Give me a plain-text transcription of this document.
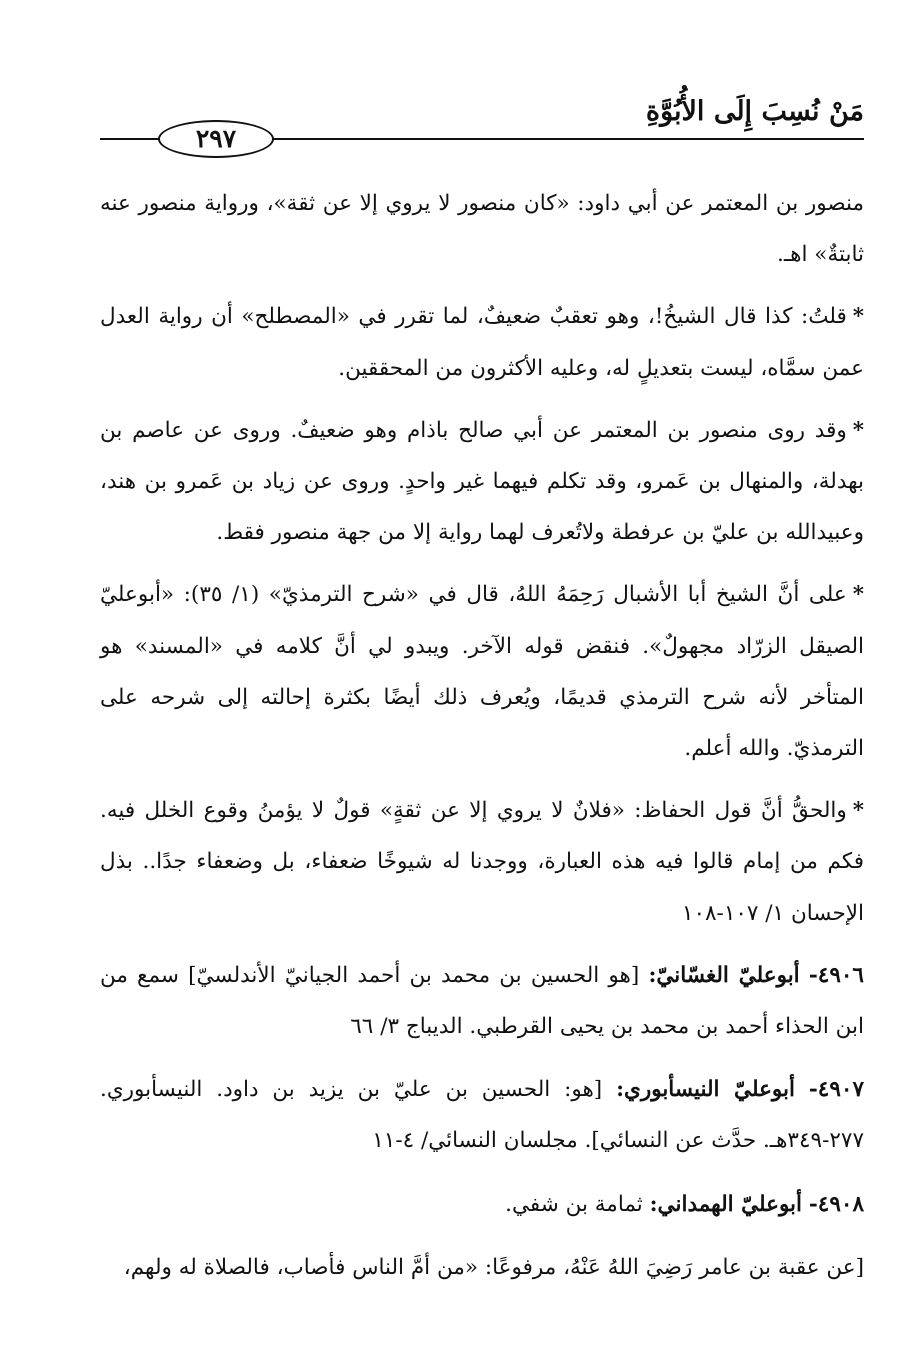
مَنْ نُسِبَ إِلَى الأُبُوَّةِ
٢٩٧

منصور بن المعتمر عن أبي داود: «كان منصور لا يروي إلا عن ثقة»، ورواية منصور عنه ثابتةٌ» اهـ.

*قلتُ: كذا قال الشيخُ!، وهو تعقبٌ ضعيفٌ، لما تقرر في «المصطلح» أن رواية العدل عمن سمَّاه، ليست بتعديلٍ له، وعليه الأكثرون من المحققين.

*وقد روى منصور بن المعتمر عن أبي صالح باذام وهو ضعيفٌ. وروى عن عاصم بن بهدلة، والمنهال بن عَمرو، وقد تكلم فيهما غير واحدٍ. وروى عن زياد بن عَمرو بن هند، وعبيدالله بن عليّ بن عرفطة ولاتُعرف لهما رواية إلا من جهة منصور فقط.

*على أنَّ الشيخ أبا الأشبال رَحِمَهُ اللهُ، قال في «شرح الترمذيّ» (١/ ٣٥): «أبوعليّ الصيقل الزرّاد مجهولٌ». فنقض قوله الآخر. ويبدو لي أنَّ كلامه في «المسند» هو المتأخر لأنه شرح الترمذي قديمًا، ويُعرف ذلك أيضًا بكثرة إحالته إلى شرحه على الترمذيّ. والله أعلم.

*والحقُّ أنَّ قول الحفاظ: «فلانٌ لا يروي إلا عن ثقةٍ» قولٌ لا يؤمنُ وقوع الخلل فيه. فكم من إمام قالوا فيه هذه العبارة، ووجدنا له شيوخًا ضعفاء، بل وضعفاء جدًا.. بذل الإحسان ١/ ١٠٧-١٠٨

٤٩٠٦- أبوعليّ الغسّانيّ: [هو الحسين بن محمد بن أحمد الجيانيّ الأندلسيّ] سمع من ابن الحذاء أحمد بن محمد بن يحيى القرطبي. الديباج ٣/ ٦٦

٤٩٠٧- أبوعليّ النيسأبوري: [هو: الحسين بن عليّ بن يزيد بن داود. النيسأبوري. ٢٧٧-٣٤٩هـ. حدَّث عن النسائي]. مجلسان النسائي/ ٤-١١

٤٩٠٨- أبوعليّ الهمداني: ثمامة بن شفي.

[عن عقبة بن عامر رَضِيَ اللهُ عَنْهُ، مرفوعًا: «من أمَّ الناس فأصاب، فالصلاة له ولهم،
